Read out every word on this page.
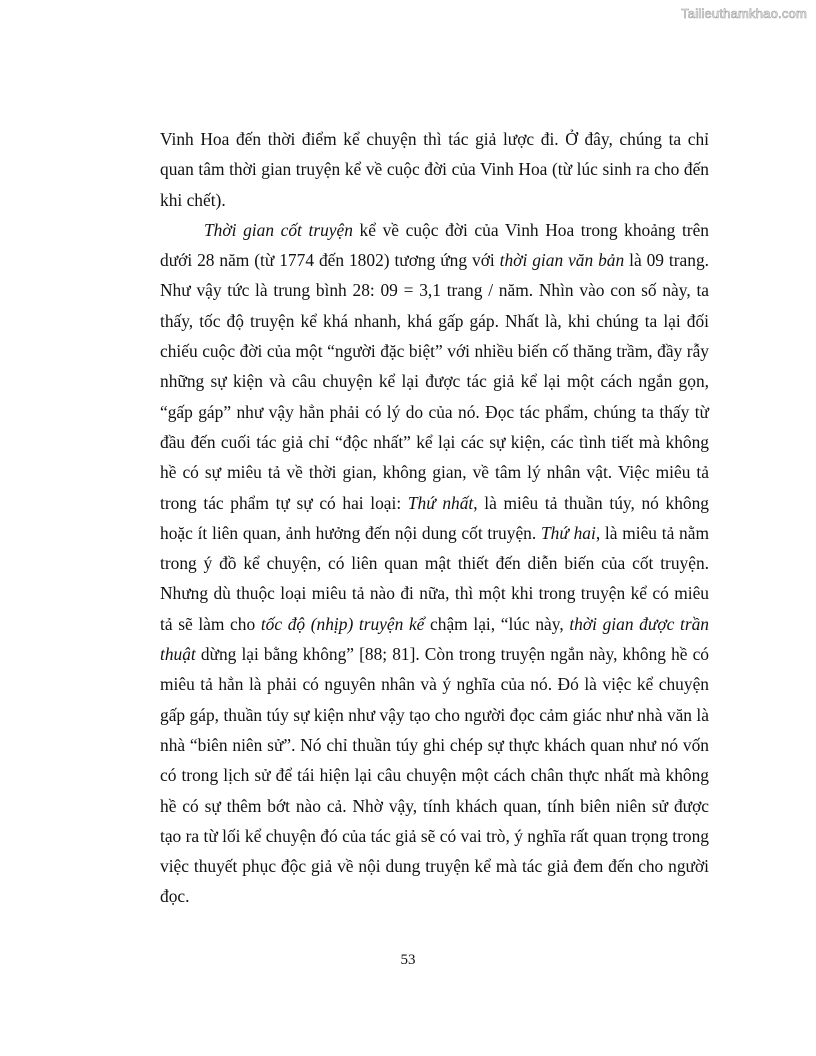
Tailieuthamkhao.com

Vinh Hoa đến thời điểm kể chuyện thì tác giả lược đi. Ở đây, chúng ta chỉ quan tâm thời gian truyện kể về cuộc đời của Vinh Hoa (từ lúc sinh ra cho đến khi chết).

Thời gian cốt truyện kể về cuộc đời của Vinh Hoa trong khoảng trên dưới 28 năm (từ 1774 đến 1802) tương ứng với thời gian văn bản là 09 trang. Như vậy tức là trung bình 28: 09 = 3,1 trang / năm. Nhìn vào con số này, ta thấy, tốc độ truyện kể khá nhanh, khá gấp gáp. Nhất là, khi chúng ta lại đối chiếu cuộc đời của một “người đặc biệt” với nhiều biến cố thăng trầm, đầy rẫy những sự kiện và câu chuyện kể lại được tác giả kể lại một cách ngắn gọn, “gấp gáp” như vậy hẳn phải có lý do của nó. Đọc tác phẩm, chúng ta thấy từ đầu đến cuối tác giả chỉ “độc nhất” kể lại các sự kiện, các tình tiết mà không hề có sự miêu tả về thời gian, không gian, về tâm lý nhân vật. Việc miêu tả trong tác phẩm tự sự có hai loại: Thứ nhất, là miêu tả thuần túy, nó không hoặc ít liên quan, ảnh hưởng đến nội dung cốt truyện. Thứ hai, là miêu tả nằm trong ý đồ kể chuyện, có liên quan mật thiết đến diễn biến của cốt truyện. Nhưng dù thuộc loại miêu tả nào đi nữa, thì một khi trong truyện kể có miêu tả sẽ làm cho tốc độ (nhịp) truyện kể chậm lại, “lúc này, thời gian được trần thuật dừng lại bằng không” [88; 81]. Còn trong truyện ngắn này, không hề có miêu tả hẳn là phải có nguyên nhân và ý nghĩa của nó. Đó là việc kể chuyện gấp gáp, thuần túy sự kiện như vậy tạo cho người đọc cảm giác như nhà văn là nhà “biên niên sử”. Nó chỉ thuần túy ghi chép sự thực khách quan như nó vốn có trong lịch sử để tái hiện lại câu chuyện một cách chân thực nhất mà không hề có sự thêm bớt nào cả. Nhờ vậy, tính khách quan, tính biên niên sử được tạo ra từ lối kể chuyện đó của tác giả sẽ có vai trò, ý nghĩa rất quan trọng trong việc thuyết phục độc giả về nội dung truyện kể mà tác giả đem đến cho người đọc.

53
